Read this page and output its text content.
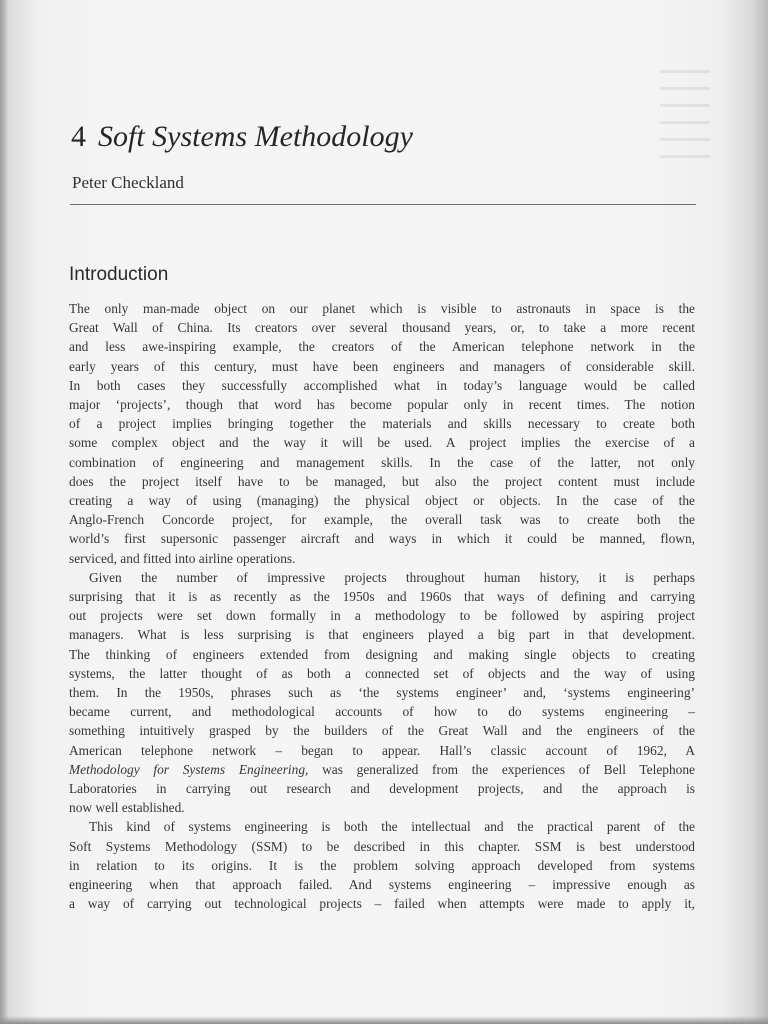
4 Soft Systems Methodology
Peter Checkland
Introduction
The only man-made object on our planet which is visible to astronauts in space is the
Great Wall of China. Its creators over several thousand years, or, to take a more recent
and less awe-inspiring example, the creators of the American telephone network in the
early years of this century, must have been engineers and managers of considerable skill.
In both cases they successfully accomplished what in today’s language would be called
major ‘projects’, though that word has become popular only in recent times. The notion
of a project implies bringing together the materials and skills necessary to create both
some complex object and the way it will be used. A project implies the exercise of a
combination of engineering and management skills. In the case of the latter, not only
does the project itself have to be managed, but also the project content must include
creating a way of using (managing) the physical object or objects. In the case of the
Anglo-French Concorde project, for example, the overall task was to create both the
world’s first supersonic passenger aircraft and ways in which it could be manned, flown,
serviced, and fitted into airline operations.
Given the number of impressive projects throughout human history, it is perhaps
surprising that it is as recently as the 1950s and 1960s that ways of defining and carrying
out projects were set down formally in a methodology to be followed by aspiring project
managers. What is less surprising is that engineers played a big part in that development.
The thinking of engineers extended from designing and making single objects to creating
systems, the latter thought of as both a connected set of objects and the way of using
them. In the 1950s, phrases such as ‘the systems engineer’ and, ‘systems engineering’
became current, and methodological accounts of how to do systems engineering –
something intuitively grasped by the builders of the Great Wall and the engineers of the
American telephone network – began to appear. Hall’s classic account of 1962, A
Methodology for Systems Engineering, was generalized from the experiences of Bell Telephone
Laboratories in carrying out research and development projects, and the approach is
now well established.
This kind of systems engineering is both the intellectual and the practical parent of the
Soft Systems Methodology (SSM) to be described in this chapter. SSM is best understood
in relation to its origins. It is the problem solving approach developed from systems
engineering when that approach failed. And systems engineering – impressive enough as
a way of carrying out technological projects – failed when attempts were made to apply it,
